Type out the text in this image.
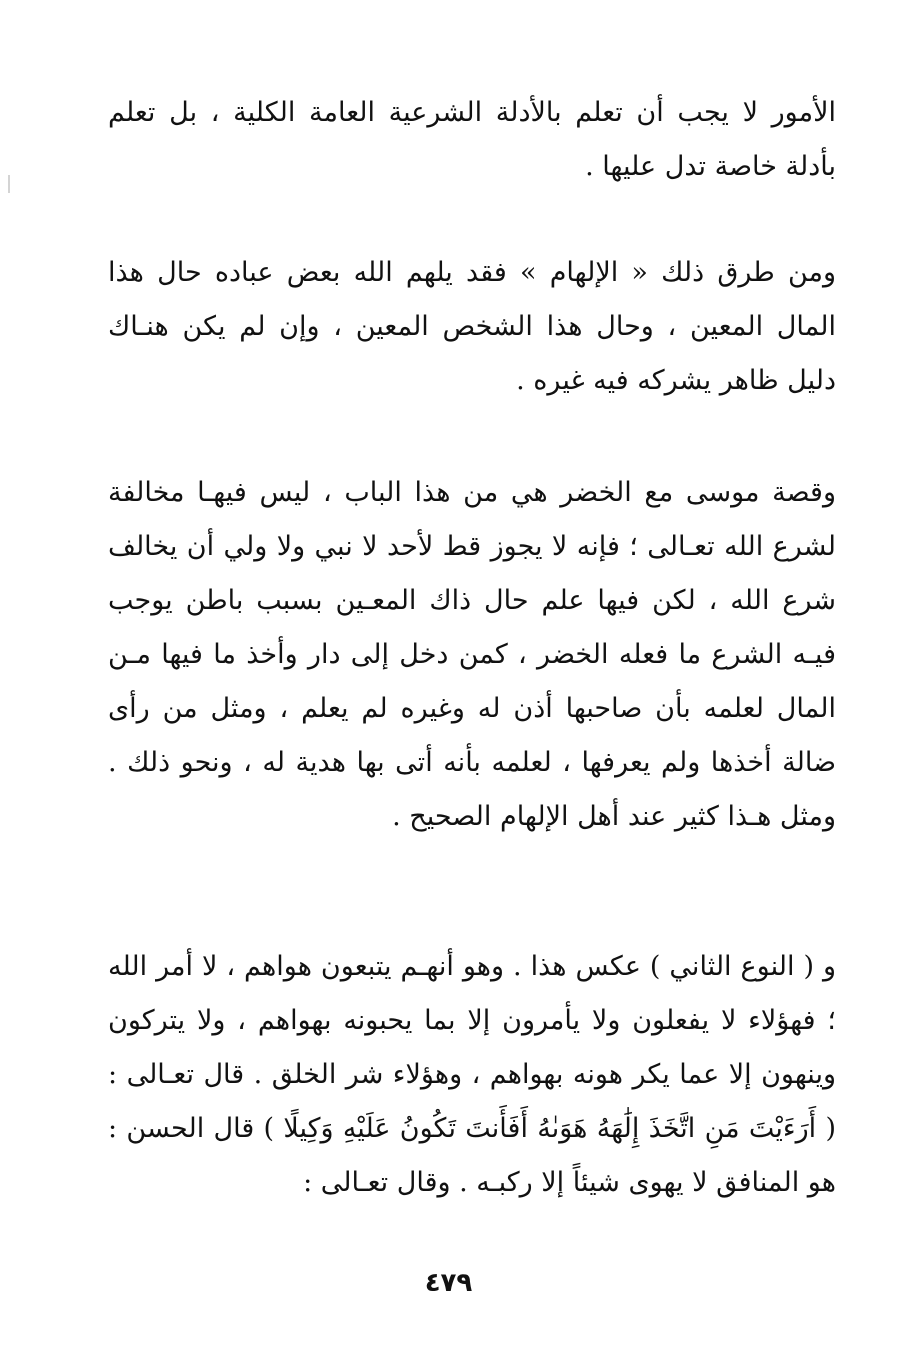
الأمور لا يجب أن تعلم بالأدلة الشرعية العامة الكلية ، بل تعلم بأدلة خاصة تدل عليها .

ومن طرق ذلك « الإلهام » فقد يلهم الله بعض عباده حال هذا المال المعين ، وحال هذا الشخص المعين ، وإن لم يكن هنـاك دليل ظاهر يشركه فيه غيره .

وقصة موسى مع الخضر هي من هذا الباب ، ليس فيهـا مخالفة لشرع الله تعـالى ؛ فإنه لا يجوز قط لأحد لا نبي ولا ولي أن يخالف شرع الله ، لكن فيها علم حال ذاك المعـين بسبب باطن يوجب فيـه الشرع ما فعله الخضر ، كمن دخل إلى دار وأخذ ما فيها مـن المال لعلمه بأن صاحبها أذن له وغيره لم يعلم ، ومثل من رأى ضالة أخذها ولم يعرفها ، لعلمه بأنه أتى بها هدية له ، ونحو ذلك . ومثل هـذا كثير عند أهل الإلهام الصحيح .

و ( النوع الثاني ) عكس هذا . وهو أنهـم يتبعون هواهم ، لا أمر الله ؛ فهؤلاء لا يفعلون ولا يأمرون إلا بما يحبونه بهواهم ، ولا يتركون وينهون إلا عما يكر هونه بهواهم ، وهؤلاء شر الخلق . قال تعـالى : ( أَرَءَيْتَ مَنِ اتَّخَذَ إِلَٰهَهُ هَوَىٰهُ أَفَأَنتَ تَكُونُ عَلَيْهِ وَكِيلًا ) قال الحسن : هو المنافق لا يهوى شيئاً إلا ركبـه . وقال تعـالى :

٤٧٩
